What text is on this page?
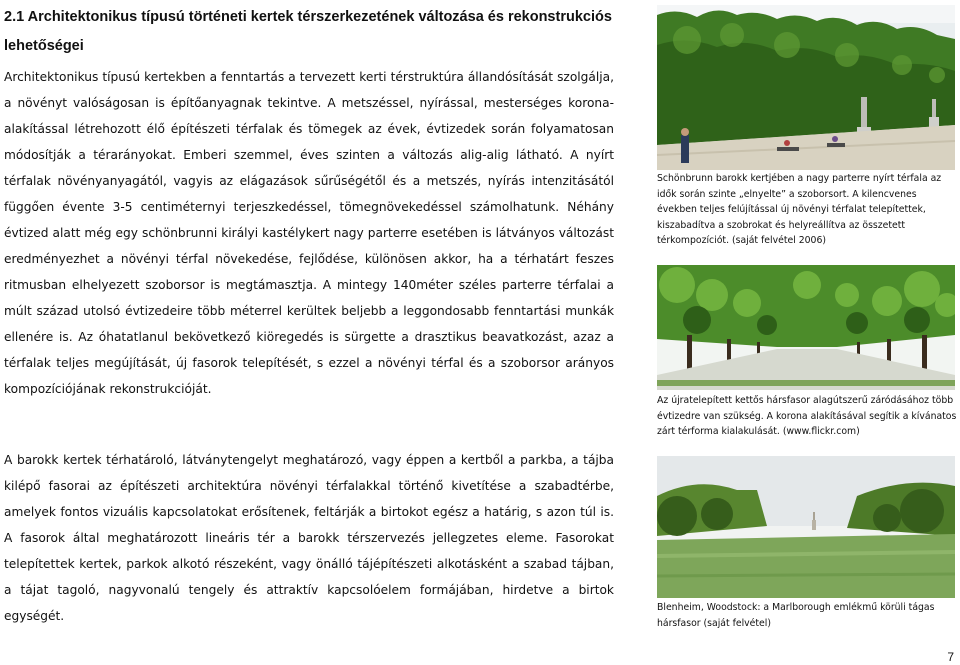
2.1 Architektonikus típusú történeti kertek térszerkezetének változása és rekonstrukciós lehetőségei
Architektonikus típusú kertekben a fenntartás a tervezett kerti térstruktúra állandósítását szolgálja, a növényt valóságosan is építőanyagnak tekintve. A metszéssel, nyírással, mesterséges korona-alakítással létrehozott élő építészeti térfalak és tömegek az évek, évtizedek során folyamatosan módosítják a térarányokat. Emberi szemmel, éves szinten a változás alig-alig látható. A nyírt térfalak növényanyagától, vagyis az elágazások sűrűségétől és a metszés, nyírás intenzitásától függően évente 3-5 centiméternyi terjeszkedéssel, tömegnövekedéssel számolhatunk. Néhány évtized alatt még egy schönbrunni királyi kastélykert nagy parterre esetében is látványos változást eredményezhet a növényi térfal növekedése, fejlődése, különösen akkor, ha a térhatárt feszes ritmusban elhelyezett szoborsor is megtámasztja. A mintegy 140méter széles parterre térfalai a múlt század utolsó évtizedeire több méterrel kerültek beljebb a leggondosabb fenntartási munkák ellenére is. Az óhatatlanul bekövetkező kiöregedés is sürgette a drasztikus beavatkozást, azaz a térfalak teljes megújítását, új fasorok telepítését, s ezzel a növényi térfal és a szoborsor arányos kompozíciójának rekonstrukcióját.
A barokk kertek térhatároló, látványtengelyt meghatározó, vagy éppen a kertből a parkba, a tájba kilépő fasorai az építészeti architektúra növényi térfalakkal történő kivetítése a szabadtérbe, amelyek fontos vizuális kapcsolatokat erősítenek, feltárják a birtokot egész a határig, s azon túl is. A fasorok által meghatározott lineáris tér a barokk térszervezés jellegzetes eleme. Fasorokat telepítettek kertek, parkok alkotó részeként, vagy önálló tájépítészeti alkotásként a szabad tájban, a tájat tagoló, nagyvonalú tengely és attraktív kapcsolóelem formájában, hirdetve a birtok egységét.
Schönbrunn barokk kertjében a nagy parterre nyírt térfala az idők során szinte „elnyelte” a szoborsort. A kilencvenes években teljes felújítással új növényi térfalat telepítettek, kiszabadítva a szobrokat és helyreállítva az összetett térkompozíciót. (saját felvétel 2006)
Az újratelepített kettős hársfasor alagútszerű záródásához több évtizedre van szükség. A korona alakításával segítik a kívánatos zárt térforma kialakulását. (www.flickr.com)
Blenheim, Woodstock: a Marlborough emlékmű körüli tágas hársfasor (saját felvétel)
7
